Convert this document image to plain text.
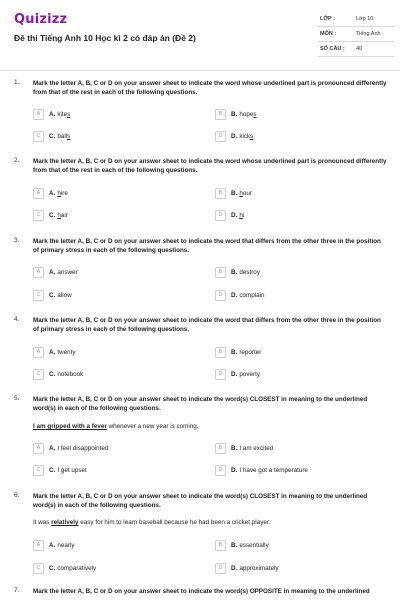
Quizizz
Đề thi Tiếng Anh 10 Học kì 2 có đáp án (Đề 2)
LỚP :	Lớp 10
MÔN :	Tiếng Anh
SỐ CÂU : 40
1. Mark the letter A, B, C or D on your answer sheet to indicate the word whose underlined part is pronounced differently from that of the rest in each of the following questions.
A	A. kites	B	B. hopes
C	C. balls	D	D. kicks
2. Mark the letter A, B, C or D on your answer sheet to indicate the word whose underlined part is pronounced differently from that of the rest in each of the following questions.
A	A. hire	B	B. hour
C	C. hair	D	D. hi
3. Mark the letter A, B, C or D on your answer sheet to indicate the word that differs from the other three in the position of primary stress in each of the following questions.
A	A. answer	B	B. destroy
C	C. allow	D	D. complain
4. Mark the letter A, B, C or D on your answer sheet to indicate the word that differs from the other three in the position of primary stress in each of the following questions.
A	A. twenty	B	B. reporter
C	C. notebook	D	D. poverty
5. Mark the letter A, B, C or D on your answer sheet to indicate the word(s) CLOSEST in meaning to the underlined word(s) in each of the following questions.
I am gripped with a fever whenever a new year is coming.
A	A. I feel disappointed	B	B. I am excited
C	C. I get upset	D	D. I have got a temperature
6. Mark the letter A, B, C or D on your answer sheet to indicate the word(s) CLOSEST in meaning to the underlined word(s) in each of the following questions.
It was relatively easy for him to learn baseball because he had been a cricket player.
A	A. nearly	B	B. essentially
C	C. comparatively	D	D. approximately
7. Mark the letter A, B, C or D on your answer sheet to indicate the word(s) OPPOSITE in meaning to the underlined
